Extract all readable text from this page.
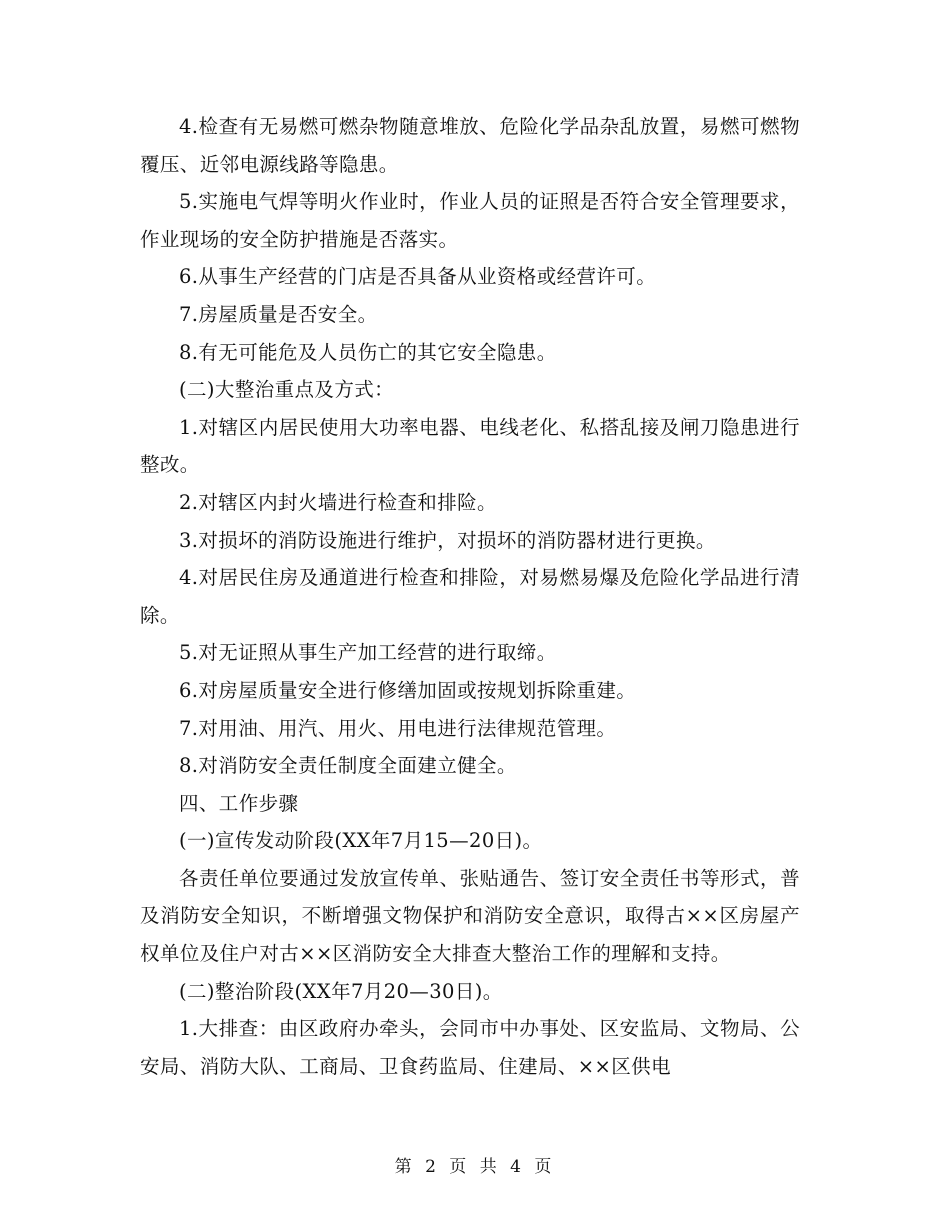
4.检查有无易燃可燃杂物随意堆放、危险化学品杂乱放置，易燃可燃物覆压、近邻电源线路等隐患。

5.实施电气焊等明火作业时，作业人员的证照是否符合安全管理要求，作业现场的安全防护措施是否落实。

6.从事生产经营的门店是否具备从业资格或经营许可。

7.房屋质量是否安全。

8.有无可能危及人员伤亡的其它安全隐患。

(二)大整治重点及方式：

1.对辖区内居民使用大功率电器、电线老化、私搭乱接及闸刀隐患进行整改。

2.对辖区内封火墙进行检查和排险。

3.对损坏的消防设施进行维护，对损坏的消防器材进行更换。

4.对居民住房及通道进行检查和排险，对易燃易爆及危险化学品进行清除。

5.对无证照从事生产加工经营的进行取缔。

6.对房屋质量安全进行修缮加固或按规划拆除重建。

7.对用油、用汽、用火、用电进行法律规范管理。

8.对消防安全责任制度全面建立健全。

四、工作步骤

(一)宣传发动阶段(XX年7月15—20日)。

各责任单位要通过发放宣传单、张贴通告、签订安全责任书等形式，普及消防安全知识，不断增强文物保护和消防安全意识，取得古××区房屋产权单位及住户对古××区消防安全大排查大整治工作的理解和支持。

(二)整治阶段(XX年7月20—30日)。

1.大排查：由区政府办牵头，会同市中办事处、区安监局、文物局、公安局、消防大队、工商局、卫食药监局、住建局、××区供电

第 2 页 共 4 页
